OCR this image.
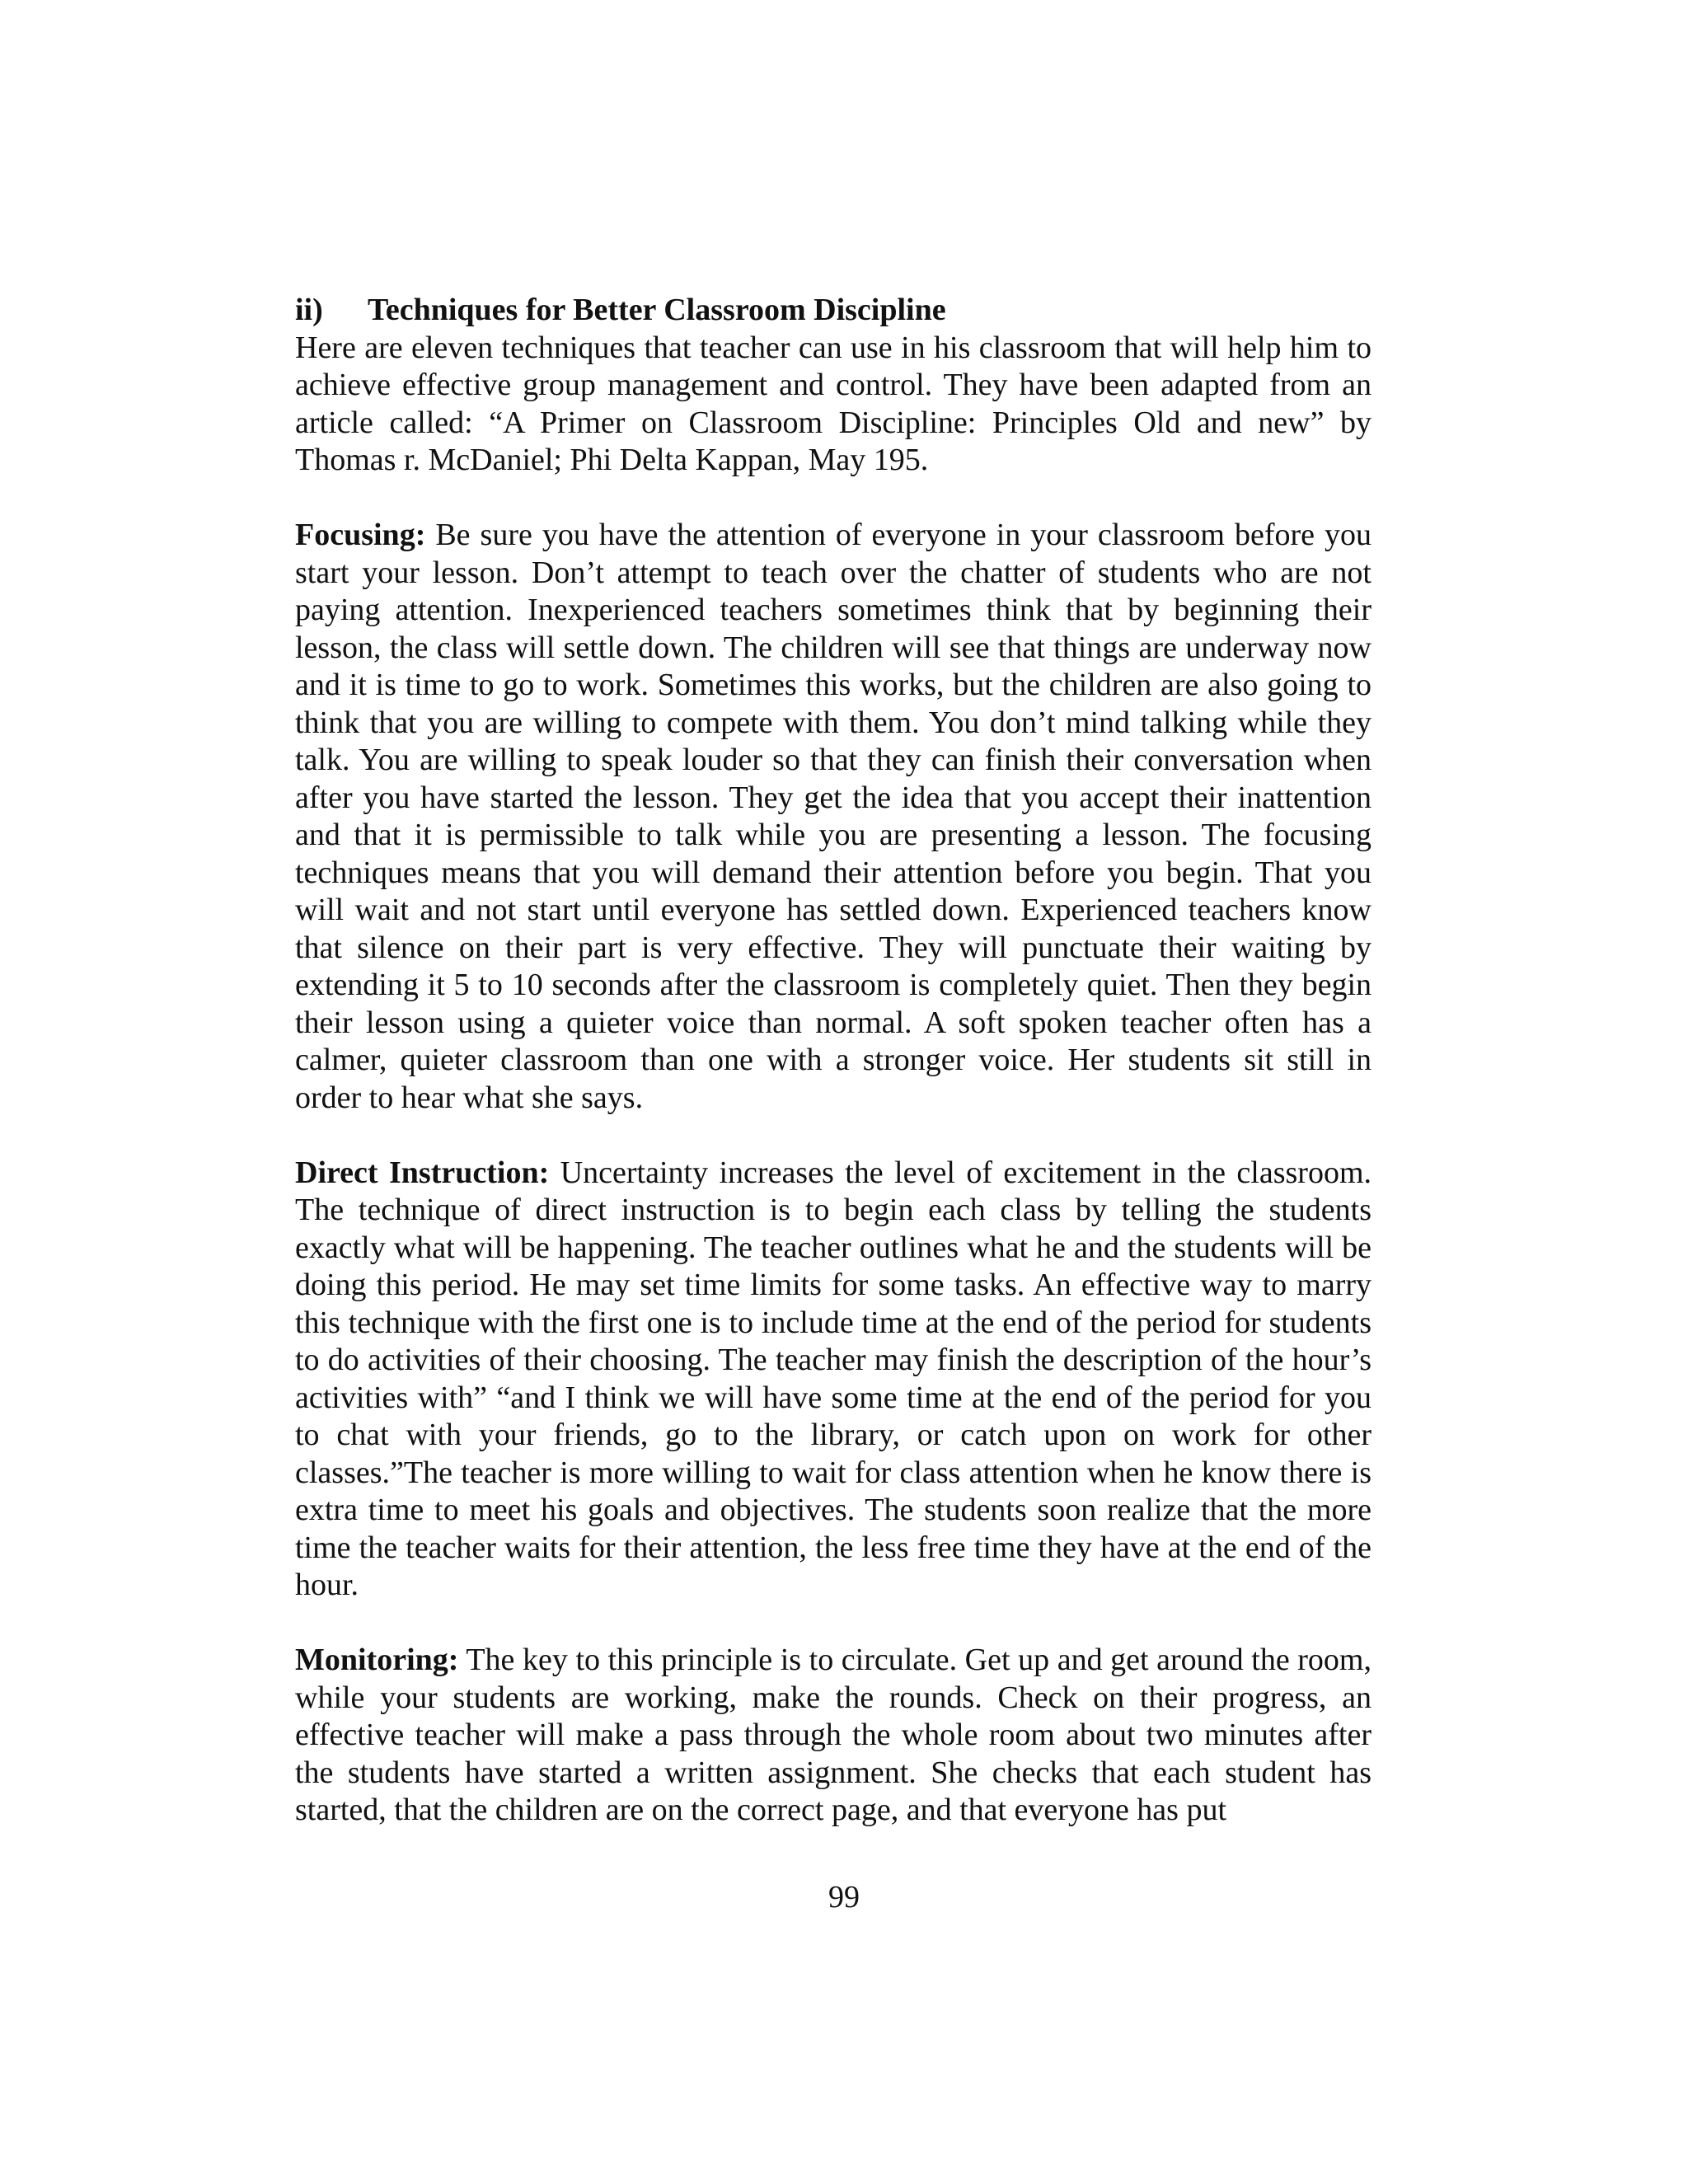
ii) Techniques for Better Classroom Discipline

Here are eleven techniques that teacher can use in his classroom that will help him to achieve effective group management and control. They have been adapted from an article called: “A Primer on Classroom Discipline: Principles Old and new” by Thomas r. McDaniel; Phi Delta Kappan, May 195.

Focusing: Be sure you have the attention of everyone in your classroom before you start your lesson. Don’t attempt to teach over the chatter of students who are not paying attention. Inexperienced teachers sometimes think that by beginning their lesson, the class will settle down. The children will see that things are underway now and it is time to go to work. Sometimes this works, but the children are also going to think that you are willing to compete with them. You don’t mind talking while they talk. You are willing to speak louder so that they can finish their conversation when after you have started the lesson. They get the idea that you accept their inattention and that it is permissible to talk while you are presenting a lesson. The focusing techniques means that you will demand their attention before you begin. That you will wait and not start until everyone has settled down. Experienced teachers know that silence on their part is very effective. They will punctuate their waiting by extending it 5 to 10 seconds after the classroom is completely quiet. Then they begin their lesson using a quieter voice than normal. A soft spoken teacher often has a calmer, quieter classroom than one with a stronger voice. Her students sit still in order to hear what she says.

Direct Instruction: Uncertainty increases the level of excitement in the classroom. The technique of direct instruction is to begin each class by telling the students exactly what will be happening. The teacher outlines what he and the students will be doing this period. He may set time limits for some tasks. An effective way to marry this technique with the first one is to include time at the end of the period for students to do activities of their choosing. The teacher may finish the description of the hour’s activities with” “and I think we will have some time at the end of the period for you to chat with your friends, go to the library, or catch upon on work for other classes.”The teacher is more willing to wait for class attention when he know there is extra time to meet his goals and objectives. The students soon realize that the more time the teacher waits for their attention, the less free time they have at the end of the hour.

Monitoring: The key to this principle is to circulate. Get up and get around the room, while your students are working, make the rounds. Check on their progress, an effective teacher will make a pass through the whole room about two minutes after the students have started a written assignment. She checks that each student has started, that the children are on the correct page, and that everyone has put

99
